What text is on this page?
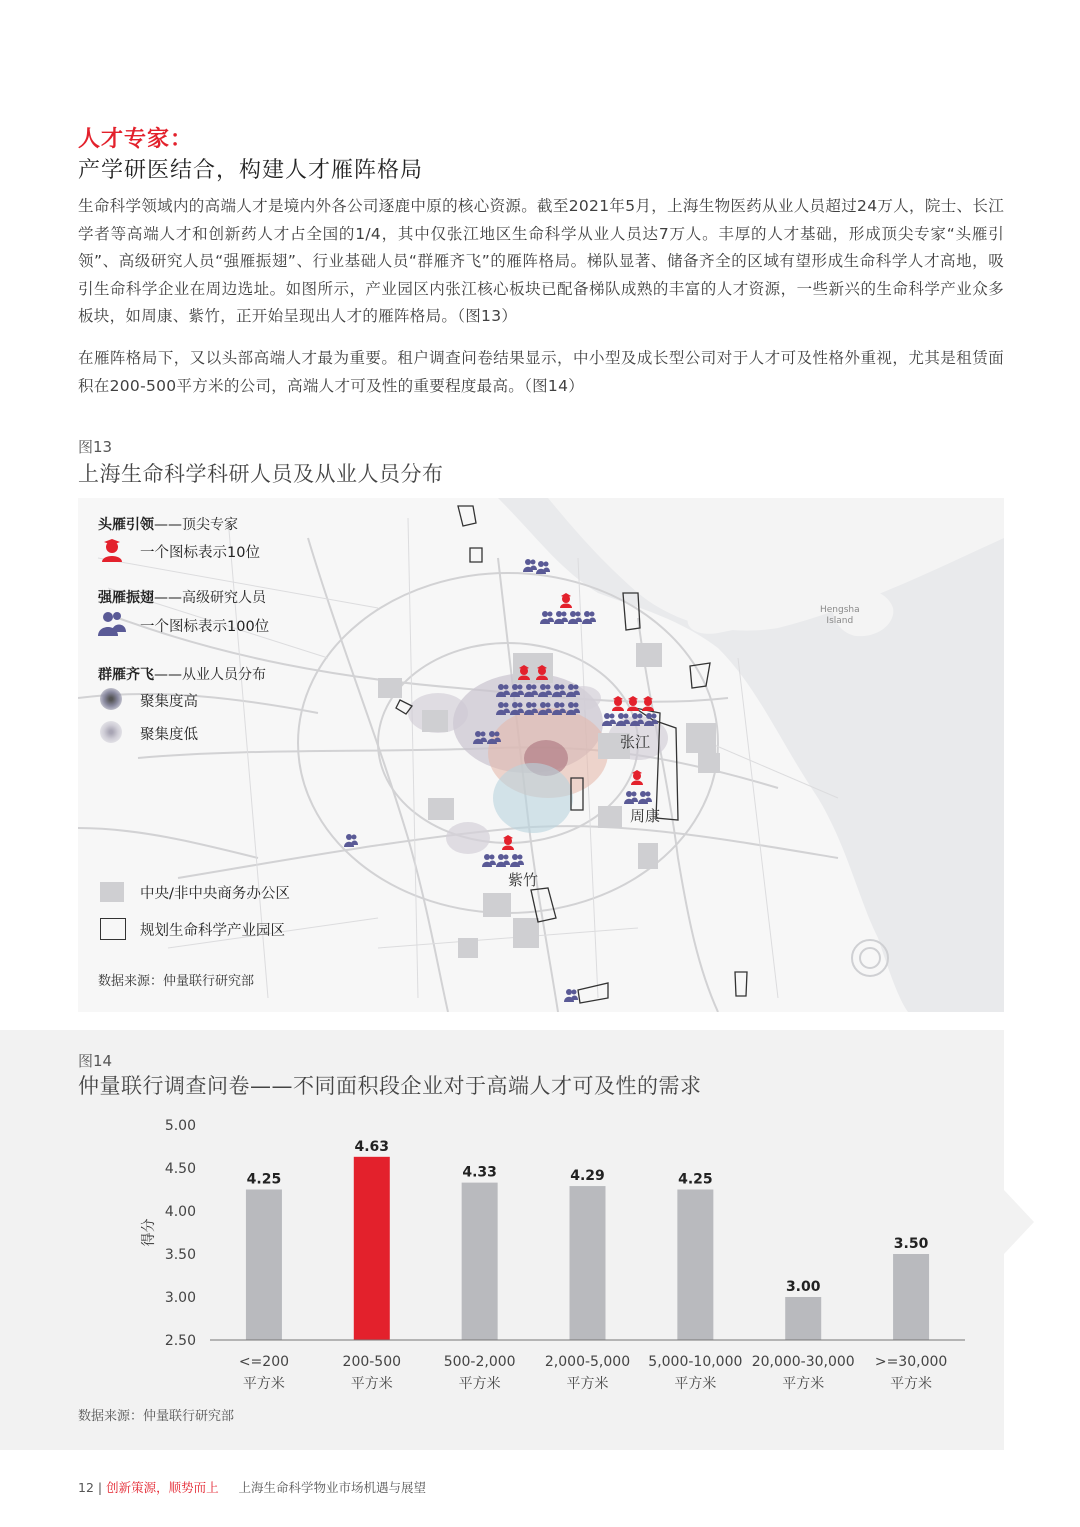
人才专家：
产学研医结合，构建人才雁阵格局

生命科学领域内的高端人才是境内外各公司逐鹿中原的核心资源。截至2021年5月，上海生物医药从业人员超过24万人，院士、长江学者等高端人才和创新药人才占全国的1/4，其中仅张江地区生命科学从业人员达7万人。丰厚的人才基础，形成顶尖专家“头雁引领”、高级研究人员“强雁振翅”、行业基础人员“群雁齐飞”的雁阵格局。梯队显著、储备齐全的区域有望形成生命科学人才高地，吸引生命科学企业在周边选址。如图所示，产业园区内张江核心板块已配备梯队成熟的丰富的人才资源，一些新兴的生命科学产业众多板块，如周康、紫竹，正开始呈现出人才的雁阵格局。（图13）

在雁阵格局下，又以头部高端人才最为重要。租户调查问卷结果显示，中小型及成长型公司对于人才可及性格外重视，尤其是租赁面积在200-500平方米的公司，高端人才可及性的重要程度最高。（图14）

图13
上海生命科学科研人员及从业人员分布
头雁引领——顶尖专家
一个图标表示10位
强雁振翅——高级研究人员
一个图标表示100位
群雁齐飞——从业人员分布
聚集度高
聚集度低
中央/非中央商务办公区
规划生命科学产业园区
数据来源：仲量联行研究部
张江
周康
紫竹
Hengsha
Island
图14
仲量联行调查问卷——不同面积段企业对于高端人才可及性的需求
5.00
4.50
4.00
3.50
3.00
2.50
4.25
4.63
4.33	4.29	4.25
3.00
3.50
<=200
平方米
200-500
平方米
500-2,000
平方米
2,000-5,000
平方米
5,000-10,000
平方米
20,000-30,000
平方米
>=30,000
平方米
得分
数据来源：仲量联行研究部
12 | 创新策源，顺势而上 上海生命科学物业市场机遇与展望
